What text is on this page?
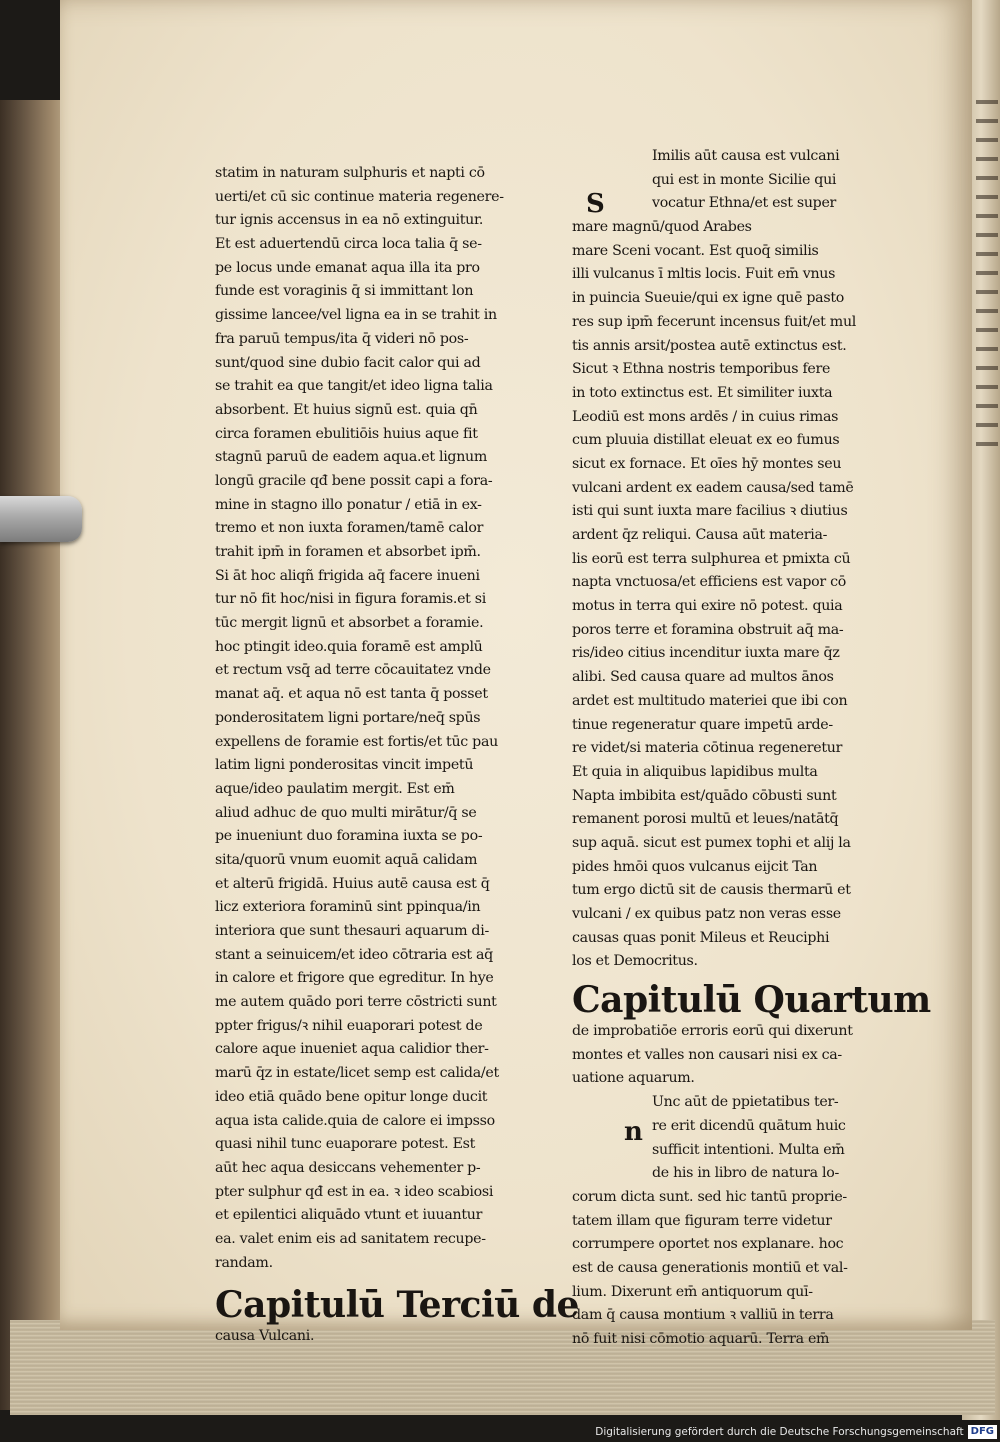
statim in naturam sulphuris et napti cō
uerti/et cū sic continue materia regenere-
tur ignis accensus in ea nō extinguitur.
Et est aduertendū circa loca talia q̄ se-
pe locus unde emanat aqua illa ita pro
funde est voraginis q̄ si immittant lon
gissime lancee/vel ligna ea in se trahit in
fra paruū tempus/ita q̄ videri nō pos-
sunt/quod sine dubio facit calor qui ad
se trahit ea que tangit/et ideo ligna talia
absorbent. Et huius signū est. quia qn̄
circa foramen ebulitiōis huius aque fit
stagnū paruū de eadem aqua.et lignum
longū gracile qđ bene possit capi a fora-
mine in stagno illo ponatur / etiā in ex-
tremo et non iuxta foramen/tamē calor
trahit ipm̄ in foramen et absorbet ipm̄.
Si āt hoc aliqñ frigida aq̄ facere inueni
tur nō fit hoc/nisi in figura foramis.et si
tūc mergit lignū et absorbet a foramie.
hoc ptingit ideo.quia foramē est amplū
et rectum vsq̄ ad terre cōcauitatez vnde
manat aq̄. et aqua nō est tanta q̄ posset
ponderositatem ligni portare/neq̄ spūs
expellens de foramie est fortis/et tūc pau
latim ligni ponderositas vincit impetū
aque/ideo paulatim mergit. Est em̄
aliud adhuc de quo multi mirātur/q̄ se
pe inueniunt duo foramina iuxta se po-
sita/quorū vnum euomit aquā calidam
et alterū frigidā. Huius autē causa est q̄
licz exteriora foraminū sint ppinqua/in
interiora que sunt thesauri aquarum di-
stant a seinuicem/et ideo cōtraria est aq̄
in calore et frigore que egreditur. In hye
me autem quādo pori terre cōstricti sunt
ppter frigus/ꝛ nihil euaporari potest de
calore aque inueniet aqua calidior ther-
marū q̄z in estate/licet semp est calida/et
ideo etiā quādo bene opitur longe ducit
aqua ista calide.quia de calore ei impsso
quasi nihil tunc euaporare potest. Est
aūt hec aqua desiccans vehementer p-
pter sulphur qđ est in ea. ꝛ ideo scabiosi
et epilentici aliquādo vtunt et iuuantur
ea. valet enim eis ad sanitatem recupe-
randam.
Capitulū Terciū de
causa Vulcani.
S
Imilis aūt causa est vulcani
qui est in monte Sicilie qui
vocatur Ethna/et est super
mare magnū/quod Arabes
mare Sceni vocant. Est quoq̄ similis
illi vulcanus ī mltis locis. Fuit em̄ vnus
in puincia Sueuie/qui ex igne quē pasto
res sup ipm̄ fecerunt incensus fuit/et mul
tis annis arsit/postea autē extinctus est.
Sicut ꝛ Ethna nostris temporibus fere
in toto extinctus est. Et similiter iuxta
Leodiū est mons ardēs / in cuius rimas
cum pluuia distillat eleuat ex eo fumus
sicut ex fornace. Et oīes hȳ montes seu
vulcani ardent ex eadem causa/sed tamē
isti qui sunt iuxta mare facilius ꝛ diutius
ardent q̄z reliqui. Causa aūt materia-
lis eorū est terra sulphurea et pmixta cū
napta vnctuosa/et efficiens est vapor cō
motus in terra qui exire nō potest. quia
poros terre et foramina obstruit aq̄ ma-
ris/ideo citius incenditur iuxta mare q̄z
alibi. Sed causa quare ad multos ānos
ardet est multitudo materiei que ibi con
tinue regeneratur quare impetū arde-
re videt/si materia cōtinua regeneretur
Et quia in aliquibus lapidibus multa
Napta imbibita est/quādo cōbusti sunt
remanent porosi multū et leues/natātq̄
sup aquā. sicut est pumex tophi et alij la
pides hmōi quos vulcanus eijcit Tan
tum ergo dictū sit de causis thermarū et
vulcani / ex quibus patz non veras esse
causas quas ponit Mileus et Reuciphi
los et Democritus.
Capitulū Quartum
de improbatiōe erroris eorū qui dixerunt
montes et valles non causari nisi ex ca-
uatione aquarum.
n
Unc aūt de ppietatibus ter-
re erit dicendū quātum huic
sufficit intentioni. Multa em̄
de his in libro de natura lo-
corum dicta sunt. sed hic tantū proprie-
tatem illam que figuram terre videtur
corrumpere oportet nos explanare. hoc
est de causa generationis montiū et val-
lium. Dixerunt em̄ antiquorum quī-
dam q̄ causa montium ꝛ valliū in terra
nō fuit nisi cōmotio aquarū. Terra em̄
Digitalisierung gefördert durch die Deutsche Forschungsgemeinschaft DFG
